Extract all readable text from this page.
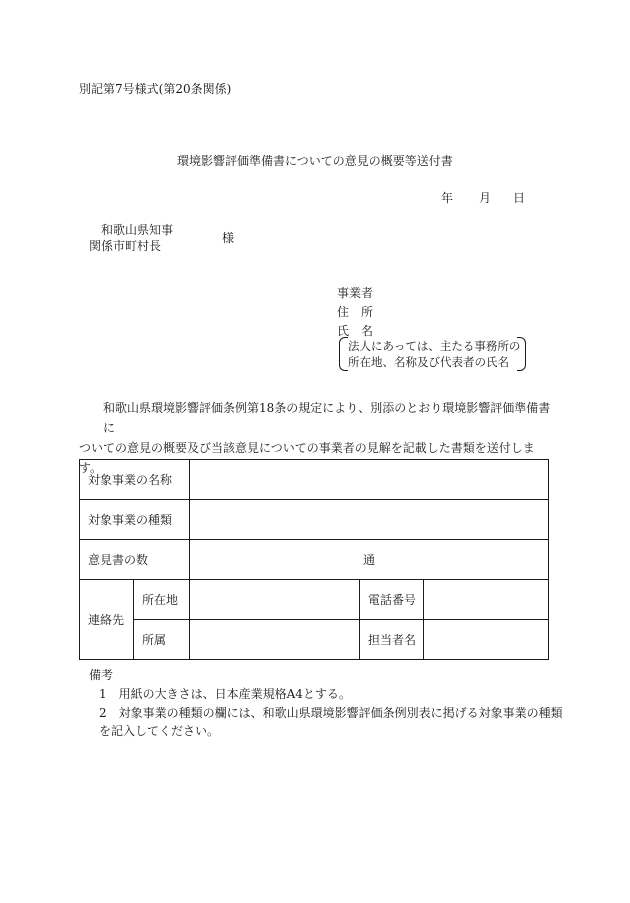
別記第7号様式(第20条関係)
環境影響評価準備書についての意見の概要等送付書
年 月 日
和歌山県知事
関係市町村長
様
事業者
住　所
氏　名
法人にあっては、主たる事務所の
所在地、名称及び代表者の氏名
和歌山県環境影響評価条例第18条の規定により、別添のとおり環境影響評価準備書に
ついての意見の概要及び当該意見についての事業者の見解を記載した書類を送付しま
す。
対象事業の名称				
対象事業の種類				
意見書の数		通		
連絡先	所在地		電話番号	
	所属		担当者名	
備考
1　用紙の大きさは、日本産業規格A4とする。
2　対象事業の種類の欄には、和歌山県環境影響評価条例別表に掲げる対象事業の種類
を記入してください。
